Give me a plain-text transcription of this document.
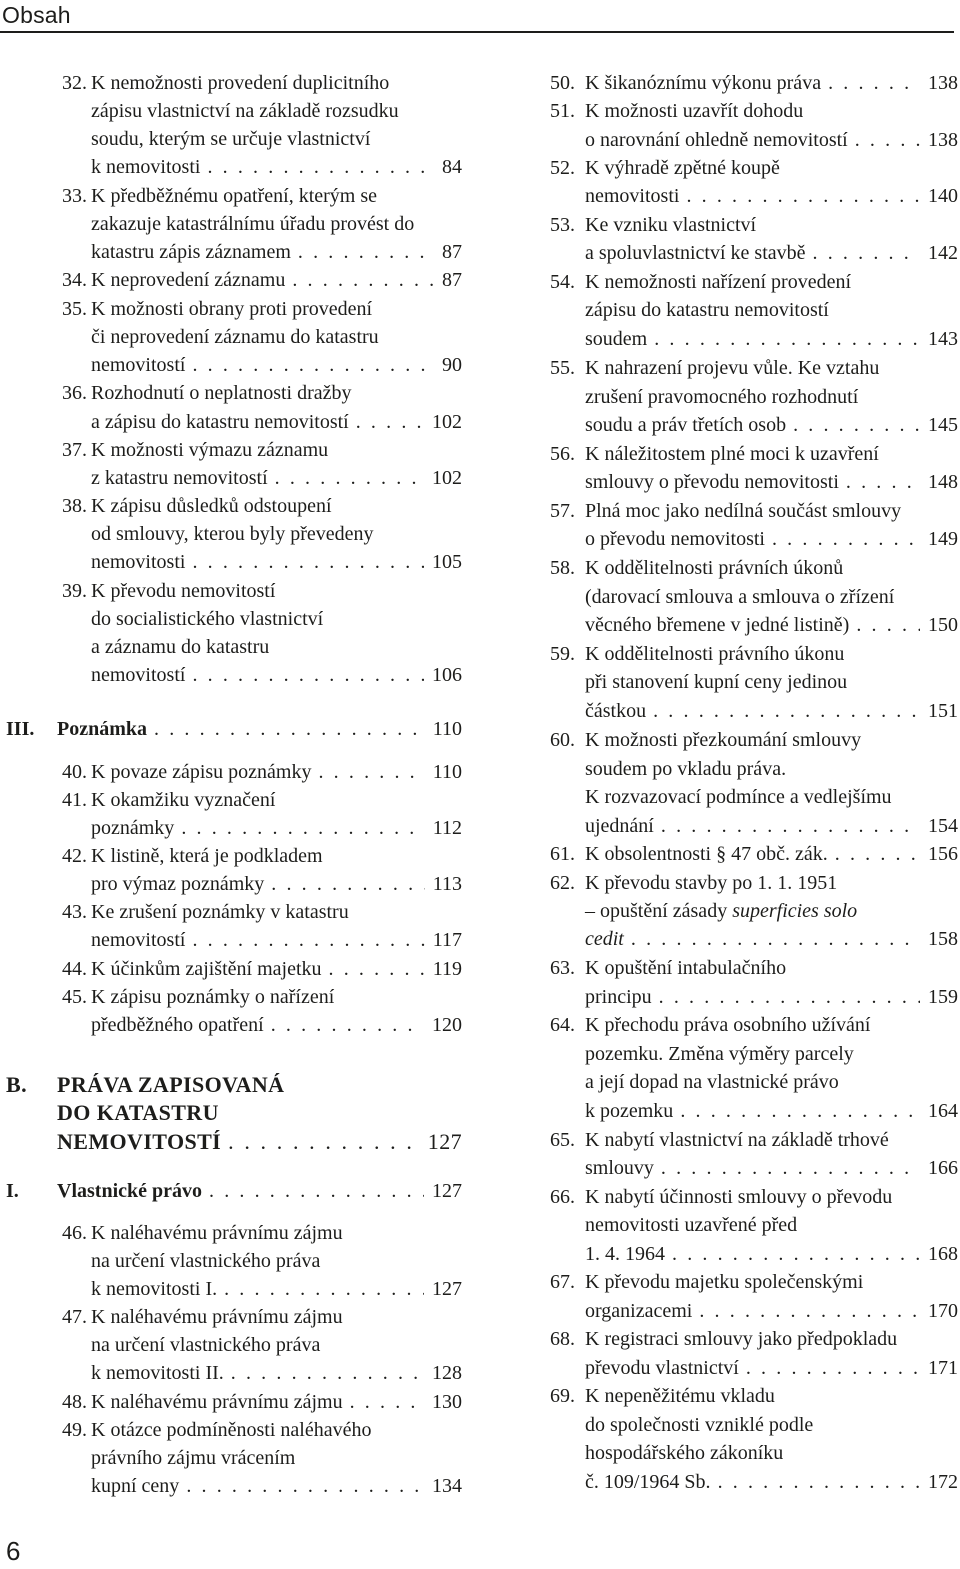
Obsah
32. K nemožnosti provedení duplicitního
zápisu vlastnictví na základě rozsudku
soudu, kterým se určuje vlastnictví
k nemovitosti . . .	84
33. K předběžnému opatření, kterým se
zakazuje katastrálnímu úřadu provést do
katastru zápis záznamem . . .	87
34. K neprovedení záznamu . . .	87
35. K možnosti obrany proti provedení
či neprovedení záznamu do katastru
nemovitostí . . .	90
36. Rozhodnutí o neplatnosti dražby
a zápisu do katastru nemovitostí . . .	102
37. K možnosti výmazu záznamu
z katastru nemovitostí . . .	102
38. K zápisu důsledků odstoupení
od smlouvy, kterou byly převedeny
nemovitosti . . .	105
39. K převodu nemovitostí
do socialistického vlastnictví
a záznamu do katastru
nemovitostí . . .	106
III. Poznámka . . .	110
40. K povaze zápisu poznámky . . .	110
41. K okamžiku vyznačení
poznámky . . .	112
42. K listině, která je podkladem
pro výmaz poznámky . . .	113
43. Ke zrušení poznámky v katastru
nemovitostí . . .	117
44. K účinkům zajištění majetku . . .	119
45. K zápisu poznámky o nařízení
předběžného opatření . . .	120
B. PRÁVA ZAPISOVANÁ
DO KATASTRU
NEMOVITOSTÍ . . .	127
I. Vlastnické právo . . .	127
46. K naléhavému právnímu zájmu
na určení vlastnického práva
k nemovitosti I. . . .	127
47. K naléhavému právnímu zájmu
na určení vlastnického práva
k nemovitosti II. . . .	128
48. K naléhavému právnímu zájmu . . .	130
49. K otázce podmíněnosti naléhavého
právního zájmu vrácením
kupní ceny . . .	134
50. K šikanóznímu výkonu práva . . .	138
51. K možnosti uzavřít dohodu
o narovnání ohledně nemovitostí . . .	138
52. K výhradě zpětné koupě
nemovitosti . . .	140
53. Ke vzniku vlastnictví
a spoluvlastnictví ke stavbě . . .	142
54. K nemožnosti nařízení provedení
zápisu do katastru nemovitostí
soudem . . .	143
55. K nahrazení projevu vůle. Ke vztahu
zrušení pravomocného rozhodnutí
soudu a práv třetích osob . . .	145
56. K náležitostem plné moci k uzavření
smlouvy o převodu nemovitosti . . .	148
57. Plná moc jako nedílná součást smlouvy
o převodu nemovitosti . . .	149
58. K oddělitelnosti právních úkonů
(darovací smlouva a smlouva o zřízení
věcného břemene v jedné listině) . . .	150
59. K oddělitelnosti právního úkonu
při stanovení kupní ceny jedinou
částkou . . .	151
60. K možnosti přezkoumání smlouvy
soudem po vkladu práva.
K rozvazovací podmínce a vedlejšímu
ujednání . . .	154
61. K obsolentnosti § 47 obč. zák. . . .	156
62. K převodu stavby po 1. 1. 1951
– opuštění zásady superficies solo
cedit . . .	158
63. K opuštění intabulačního
principu . . .	159
64. K přechodu práva osobního užívání
pozemku. Změna výměry parcely
a její dopad na vlastnické právo
k pozemku . . .	164
65. K nabytí vlastnictví na základě trhové
smlouvy . . .	166
66. K nabytí účinnosti smlouvy o převodu
nemovitosti uzavřené před
1. 4. 1964 . . .	168
67. K převodu majetku společenskými
organizacemi . . .	170
68. K registraci smlouvy jako předpokladu
převodu vlastnictví . . .	171
69. K nepeněžitému vkladu
do společnosti vzniklé podle
hospodářského zákoníku
č. 109/1964 Sb. . . .	172
6
